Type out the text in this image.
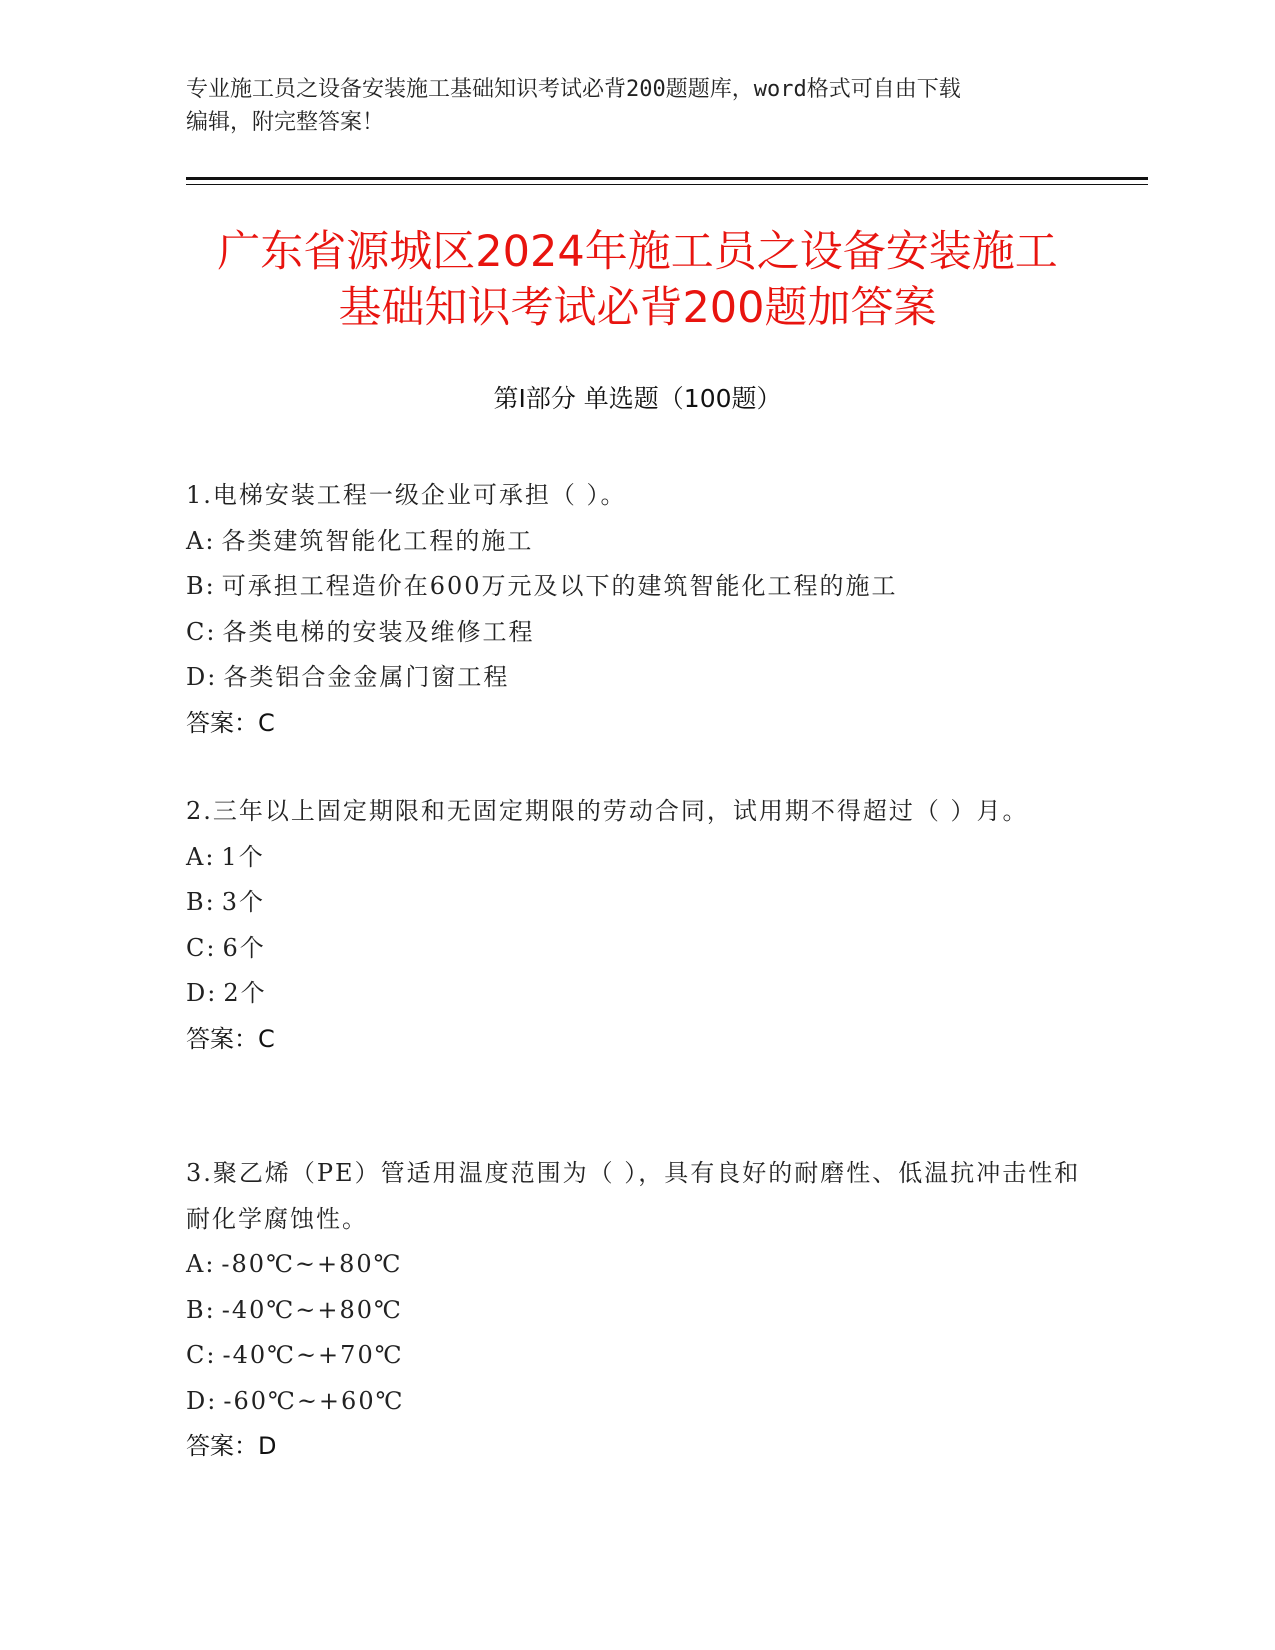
专业施工员之设备安装施工基础知识考试必背200题题库，word格式可自由下载
编辑，附完整答案！
广东省源城区2024年施工员之设备安装施工
基础知识考试必背200题加答案
第Ⅰ部分 单选题（100题）
1.电梯安装工程一级企业可承担（ ）。
A: 各类建筑智能化工程的施工
B: 可承担工程造价在600万元及以下的建筑智能化工程的施工
C: 各类电梯的安装及维修工程
D: 各类铝合金金属门窗工程
答案：C
2.三年以上固定期限和无固定期限的劳动合同，试用期不得超过（ ）月。
A: 1个
B: 3个
C: 6个
D: 2个
答案：C
3.聚乙烯（PE）管适用温度范围为（ ），具有良好的耐磨性、低温抗冲击性和耐化学腐蚀性。
A: -80℃~+80℃
B: -40℃~+80℃
C: -40℃~+70℃
D: -60℃~+60℃
答案：D
